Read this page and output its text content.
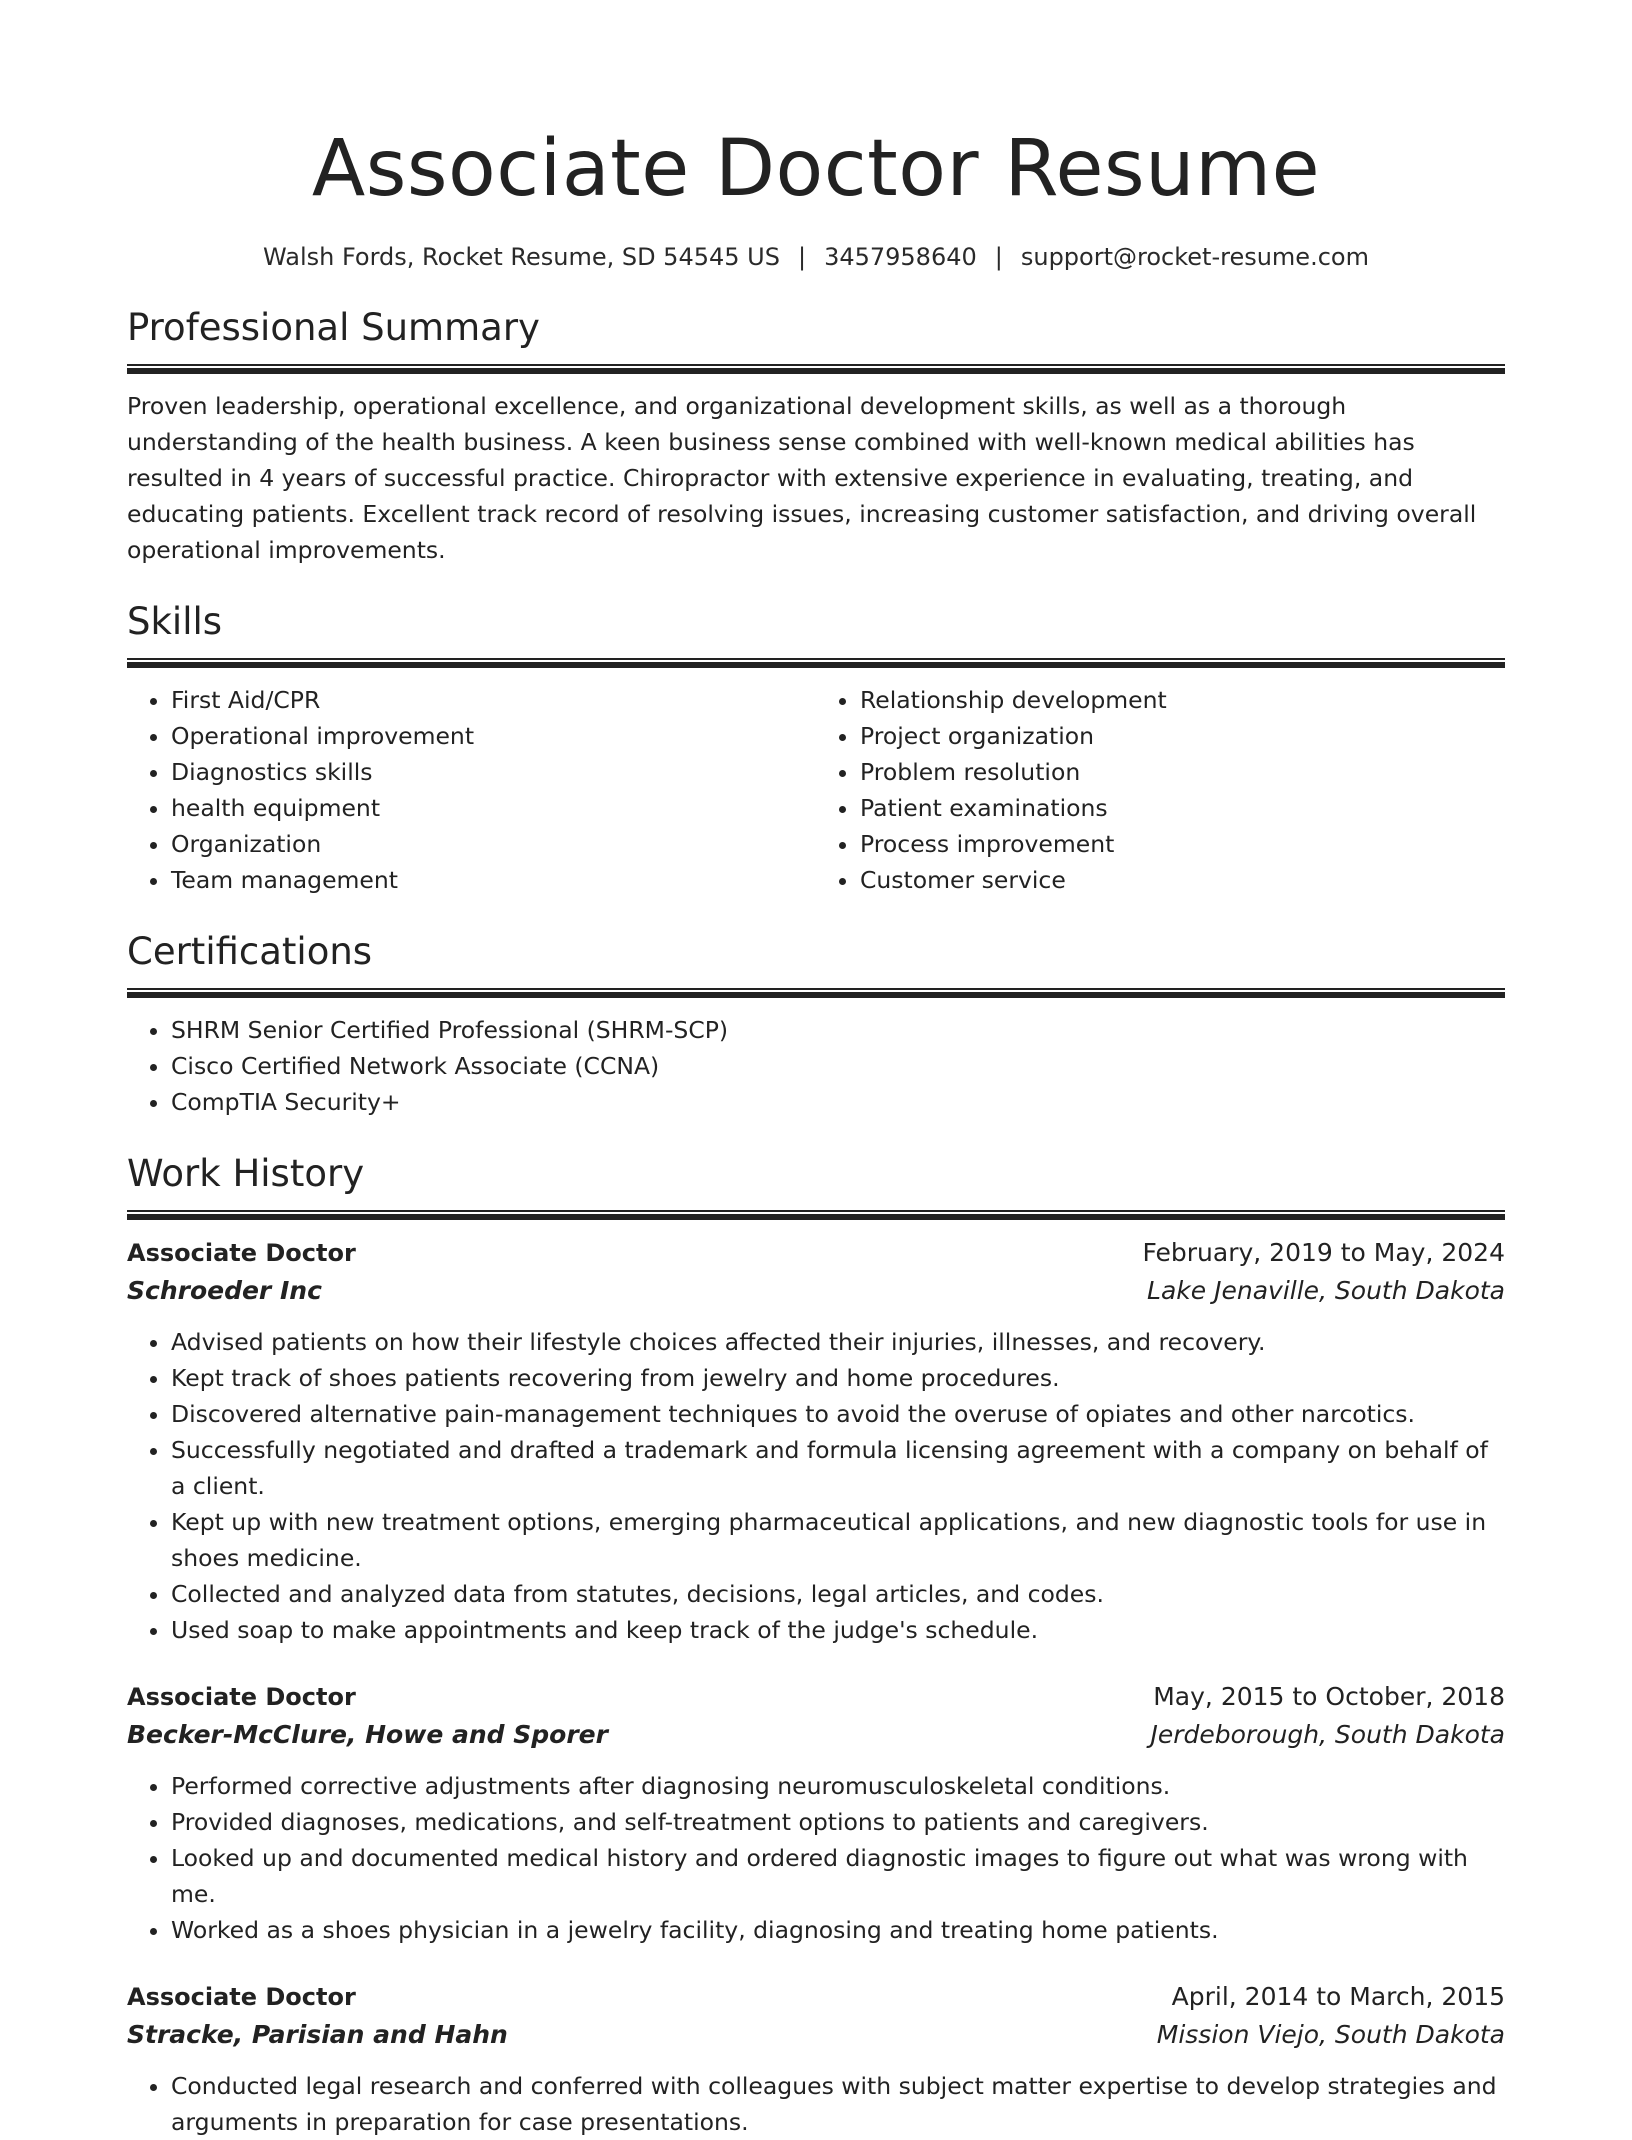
Associate Doctor Resume
Walsh Fords, Rocket Resume, SD 54545 US | 3457958640 | support@rocket-resume.com
Professional Summary

Proven leadership, operational excellence, and organizational development skills, as well as a thorough understanding of the health business. A keen business sense combined with well-known medical abilities has resulted in 4 years of successful practice. Chiropractor with extensive experience in evaluating, treating, and educating patients. Excellent track record of resolving issues, increasing customer satisfaction, and driving overall operational improvements.

Skills
• First Aid/CPR
• Operational improvement
• Diagnostics skills
• health equipment
• Organization
• Team management
• Relationship development
• Project organization
• Problem resolution
• Patient examinations
• Process improvement
• Customer service
Certifications
• SHRM Senior Certified Professional (SHRM-SCP)
• Cisco Certified Network Associate (CCNA)
• CompTIA Security+
Work History
Associate Doctor	February, 2019 to May, 2024
Schroeder Inc	Lake Jenaville, South Dakota
• Advised patients on how their lifestyle choices affected their injuries, illnesses, and recovery.
• Kept track of shoes patients recovering from jewelry and home procedures.
• Discovered alternative pain-management techniques to avoid the overuse of opiates and other narcotics.
• Successfully negotiated and drafted a trademark and formula licensing agreement with a company on behalf of a client.
• Kept up with new treatment options, emerging pharmaceutical applications, and new diagnostic tools for use in shoes medicine.
• Collected and analyzed data from statutes, decisions, legal articles, and codes.
• Used soap to make appointments and keep track of the judge's schedule.
Associate Doctor	May, 2015 to October, 2018
Becker-McClure, Howe and Sporer	Jerdeborough, South Dakota
• Performed corrective adjustments after diagnosing neuromusculoskeletal conditions.
• Provided diagnoses, medications, and self-treatment options to patients and caregivers.
• Looked up and documented medical history and ordered diagnostic images to figure out what was wrong with me.
• Worked as a shoes physician in a jewelry facility, diagnosing and treating home patients.
Associate Doctor	April, 2014 to March, 2015
Stracke, Parisian and Hahn	Mission Viejo, South Dakota
• Conducted legal research and conferred with colleagues with subject matter expertise to develop strategies and arguments in preparation for case presentations.
